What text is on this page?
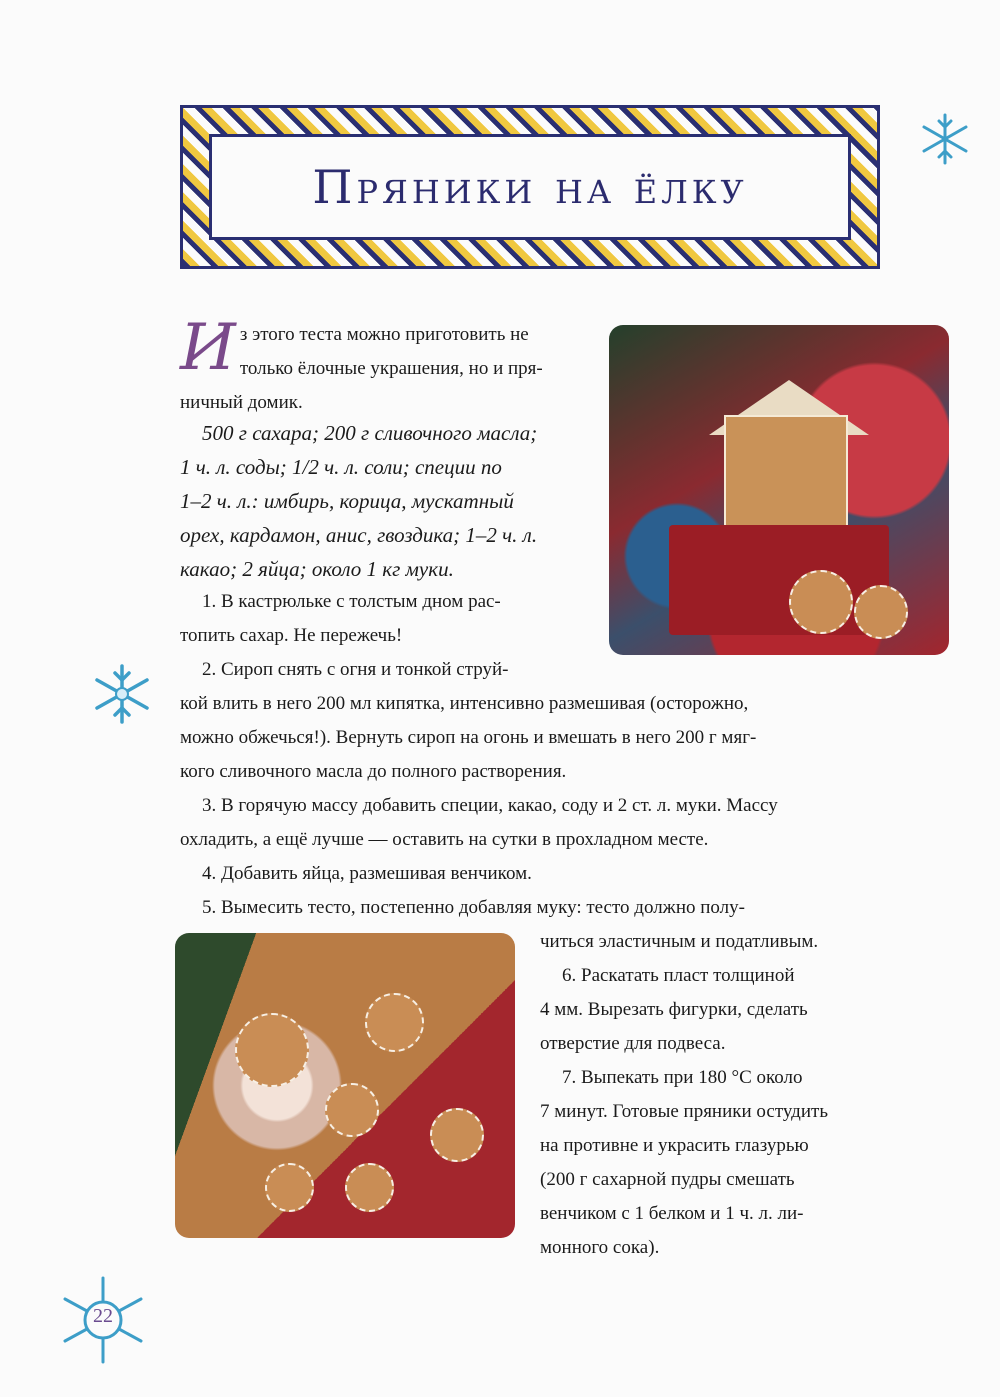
Пряники на ёлку
И з этого теста можно приготовить не
только ёлочные украшения, но и пря-
ничный домик.
500 г сахара; 200 г сливочного масла;
1 ч. л. соды; 1/2 ч. л. соли; специи по
1–2 ч. л.: имбирь, корица, мускатный
орех, кардамон, анис, гвоздика; 1–2 ч. л.
какао; 2 яйца; около 1 кг муки.
1. В кастрюльке с толстым дном рас-
топить сахар. Не пережечь!
2. Сироп снять с огня и тонкой струй-
кой влить в него 200 мл кипятка, интенсивно размешивая (осторожно,
можно обжечься!). Вернуть сироп на огонь и вмешать в него 200 г мяг-
кого сливочного масла до полного растворения.
3. В горячую массу добавить специи, какао, соду и 2 ст. л. муки. Массу
охладить, а ещё лучше — оставить на сутки в прохладном месте.
4. Добавить яйца, размешивая венчиком.
5. Вымесить тесто, постепенно добавляя муку: тесто должно полу-
читься эластичным и податливым.
6. Раскатать пласт толщиной
4 мм. Вырезать фигурки, сделать
отверстие для подвеса.
7. Выпекать при 180 °С около
7 минут. Готовые пряники остудить
на противне и украсить глазурью
(200 г сахарной пудры смешать
венчиком с 1 белком и 1 ч. л. ли-
монного сока).
22
